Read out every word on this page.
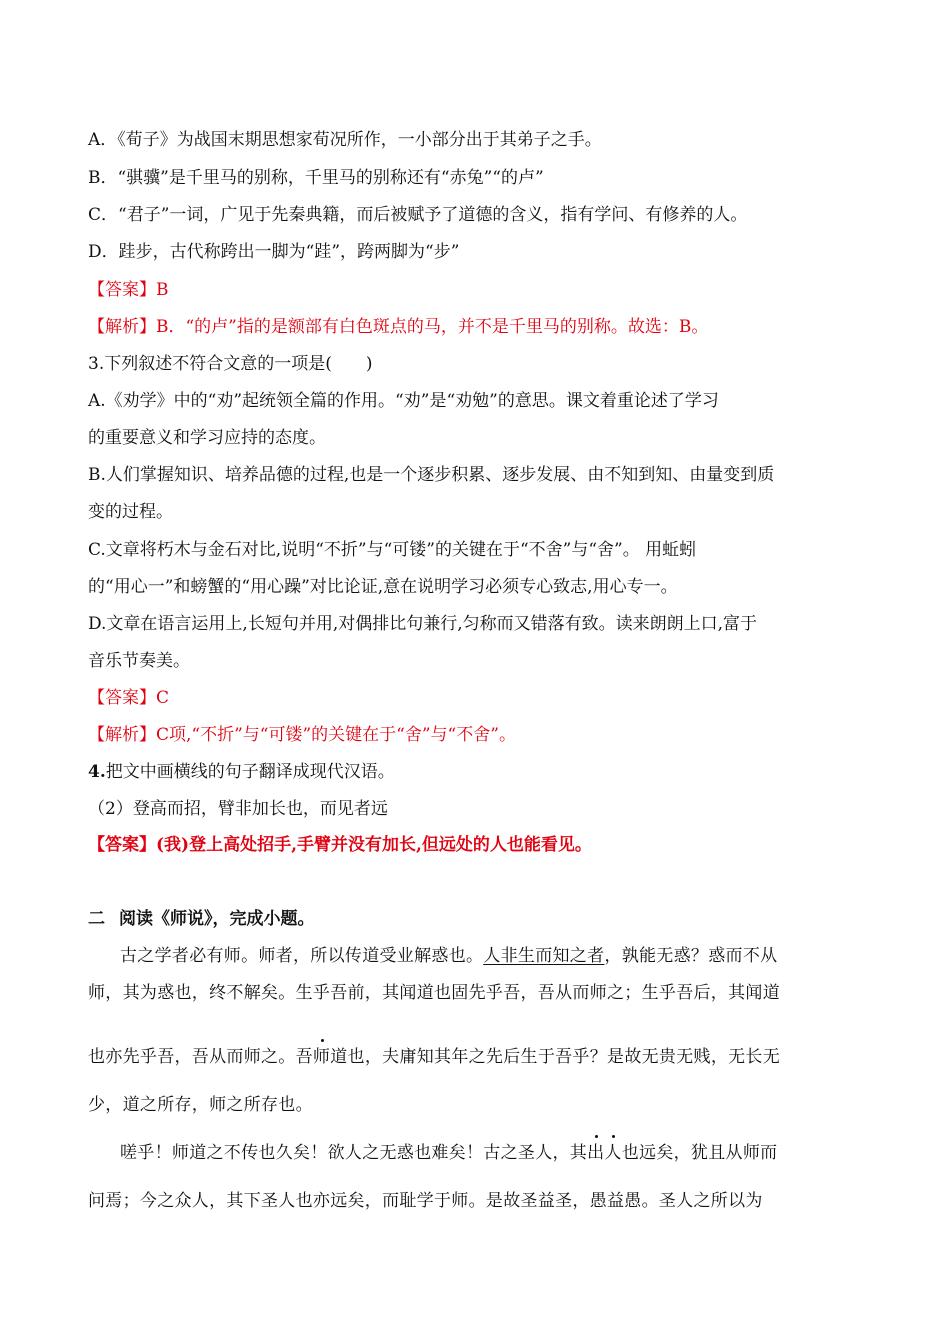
A．《荀子》为战国末期思想家荀况所作，一小部分出于其弟子之手。
B．“骐骥”是千里马的别称，千里马的别称还有“赤兔”“的卢”
C．“君子”一词，广见于先秦典籍，而后被赋予了道德的含义，指有学问、有修养的人。
D．跬步，古代称跨出一脚为“跬”，跨两脚为“步”
【答案】B
【解析】B．“的卢”指的是额部有白色斑点的马，并不是千里马的别称。故选：B。
3.下列叙述不符合文意的一项是(　　)
A.《劝学》中的“劝”起统领全篇的作用。“劝”是“劝勉”的意思。课文着重论述了学习
的重要意义和学习应持的态度。
B.人们掌握知识、培养品德的过程,也是一个逐步积累、逐步发展、由不知到知、由量变到质
变的过程。
C.文章将朽木与金石对比,说明“不折”与“可镂”的关键在于“不舍”与“舍”。 用蚯蚓
的“用心一”和螃蟹的“用心躁”对比论证,意在说明学习必须专心致志,用心专一。
D.文章在语言运用上,长短句并用,对偶排比句兼行,匀称而又错落有致。读来朗朗上口,富于
音乐节奏美。
【答案】C
【解析】C项,“不折”与“可镂”的关键在于“舍”与“不舍”。
4.把文中画横线的句子翻译成现代汉语。
（2）登高而招，臂非加长也，而见者远
【答案】(我)登上高处招手,手臂并没有加长,但远处的人也能看见。
二 阅读《师说》，完成小题。
古之学者必有师。师者，所以传道受业解惑也。人非生而知之者，孰能无惑？惑而不从
师，其为惑也，终不解矣。生乎吾前，其闻道也固先乎吾，吾从而师之；生乎吾后，其闻道
也亦先乎吾，吾从而师之。吾师道也，夫庸知其年之先后生于吾乎？是故无贵无贱，无长无
少，道之所存，师之所存也。
嗟乎！师道之不传也久矣！欲人之无惑也难矣！古之圣人，其出人也远矣，犹且从师而
问焉；今之众人，其下圣人也亦远矣，而耻学于师。是故圣益圣，愚益愚。圣人之所以为
